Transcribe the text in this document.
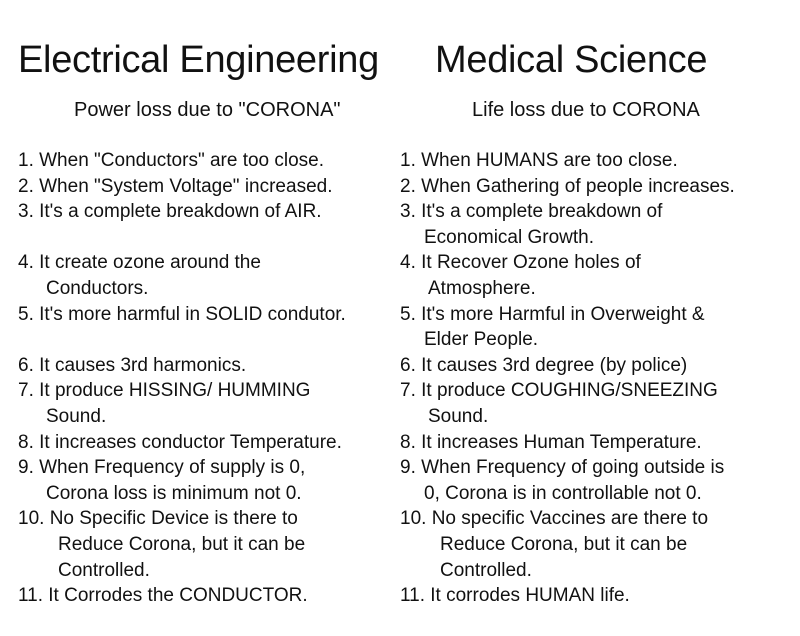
Electrical Engineering Medical Science
Power loss due to "CORONA"	Life loss due to CORONA
1. When "Conductors" are too close.
2. When "System Voltage" increased.
3. It's a complete breakdown of AIR.
4. It create ozone around the
Conductors.
5. It's more harmful in SOLID condutor.
6. It causes 3rd harmonics.
7. It produce HISSING/ HUMMING
Sound.
8. It increases conductor Temperature.
9. When Frequency of supply is 0,
Corona loss is minimum not 0.
10. No Specific Device is there to
Reduce Corona, but it can be
Controlled.
11. It Corrodes the CONDUCTOR.
1. When HUMANS are too close.
2. When Gathering of people increases.
3. It's a complete breakdown of
Economical Growth.
4. It Recover Ozone holes of
Atmosphere.
5. It's more Harmful in Overweight &
Elder People.
6. It causes 3rd degree (by police)
7. It produce COUGHING/SNEEZING
Sound.
8. It increases Human Temperature.
9. When Frequency of going outside is
0, Corona is in controllable not 0.
10. No specific Vaccines are there to
Reduce Corona, but it can be
Controlled.
11. It corrodes HUMAN life.
